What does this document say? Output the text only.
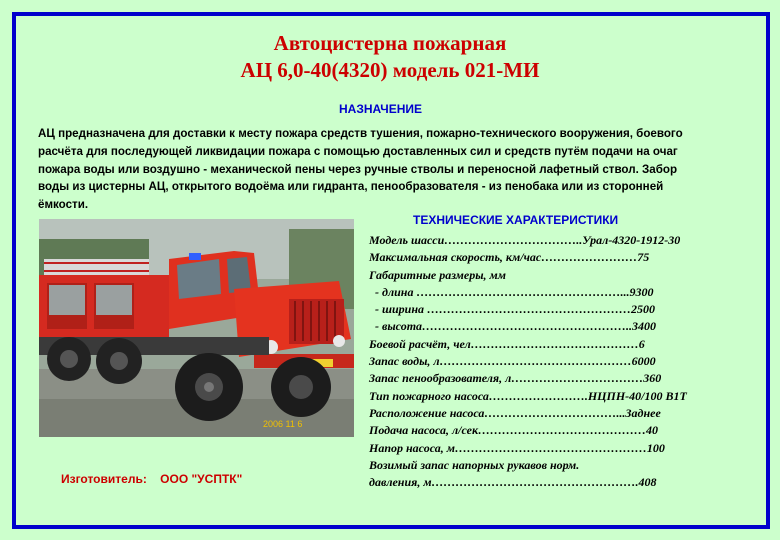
Автоцистерна пожарная
АЦ 6,0-40(4320) модель 021-МИ
НАЗНАЧЕНИЕ
АЦ предназначена для доставки к месту пожара средств тушения, пожарно-технического вооружения, боевого
расчёта для последующей ликвидации пожара с помощью доставленных сил и средств путём подачи на очаг
пожара воды или воздушно - механической пены через ручные стволы и переносной лафетный ствол. Забор
воды из цистерны АЦ, открытого водоёма или гидранта, пенообразователя - из пенобака или из сторонней
ёмкости.
2006 11 6
ТЕХНИЧЕСКИЕ ХАРАКТЕРИСТИКИ
Модель шасси……………………………..Урал-4320-1912-30
Максимальная скорость, км/час……………………75
Габаритные размеры, мм
- длина ……………………………………………...9300
- ширина ……………………………………………2500
- высота……………………………………………..3400
Боевой расчёт, чел……………………………………6
Запас воды, л…………………………………………6000
Запас пенообразователя, л……………………………360
Тип пожарного насоса…………………….НЦПН-40/100 В1Т
Расположение насоса……………………………...Заднее
Подача насоса, л/сек……………………………………40
Напор насоса, м…………………………………………100
Возимый запас напорных рукавов норм.
давления, м…………………………………………….408
Изготовитель: ООО "УСПТК"
